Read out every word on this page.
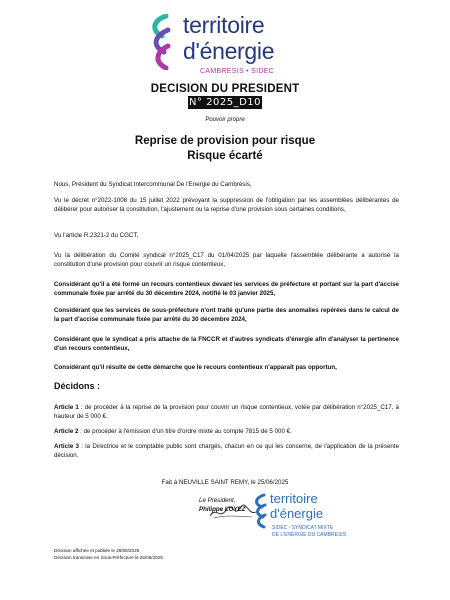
territoire
d'énergie
CAMBRESIS • SIDEC
DECISION DU PRESIDENT
N° 2025_D10
Pouvoir propre
Reprise de provision pour risque
Risque écarté
Nous, Président du Syndicat Intercommunal De l'Energie du Cambrésis,
Vu le décret n°2022-1008 du 15 juillet 2022 prévoyant la suppression de l'obligation par les assemblées délibérantes de délibérer pour autoriser la constitution, l'ajustement ou la reprise d'une provision sous certaines conditions,
Vu l'article R.2321-2 du CGCT,
Vu la délibération du Comité syndical n°2025_C17 du 01/04/2025 par laquelle l'assemblée délibérante a autorisé la constitution d'une provision pour couvrir un risque contentieux,
Considérant qu'il a été formé un recours contentieux devant les services de préfecture et portant sur la part d'accise communale fixée par arrêté du 30 décembre 2024, notifié le 03 janvier 2025,
Considérant que les services de sous-préfecture n'ont traité qu'une partie des anomalies repérées dans le calcul de la part d'accise communale fixée par arrêté du 30 décembre 2024,
Considérant que le syndicat a pris attache de la FNCCR et d'autres syndicats d'énergie afin d'analyser la pertinence d'un recours contentieux,
Considérant qu'il résulte de cette démarche que le recours contentieux n'apparaît pas opportun,
Décidons :
Article 1 : de procéder à la reprise de la provision pour couvrir un risque contentieux, votée par délibération n°2025_C17, à hauteur de 5 000 €.
Article 2 : de procéder à l'émission d'un titre d'ordre mixte au compte 7815 de 5 000 €.
Article 3 : la Directrice et le comptable public sont chargés, chacun en ce qui les concerne, de l'application de la présente décision.
Fait à NEUVILLE SAINT REMY, le 25/06/2025
Le Président,
Philippe LOYEZ
territoire
d'énergie
SIDEC - SYNDICAT MIXTE
DE L'ENERGIE DU CAMBRESIS
Décision affichée et publiée le 26/06/2025
Décision transmise en Sous-Préfecture le 26/06/2025
